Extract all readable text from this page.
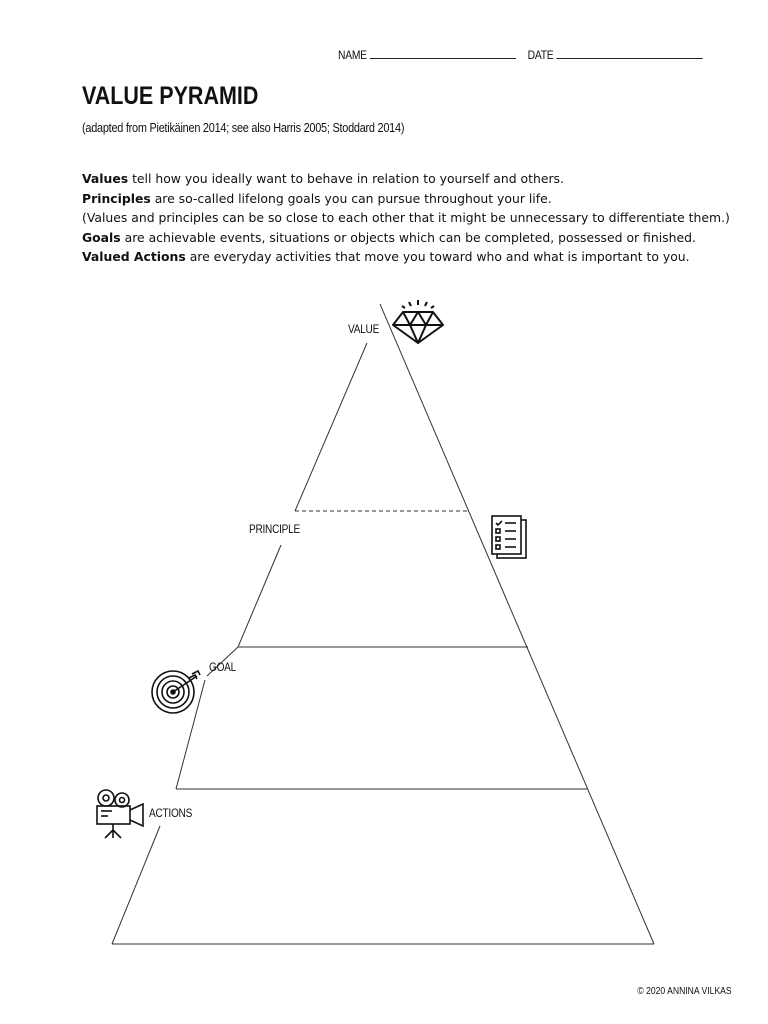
NAME	DATE
VALUE PYRAMID
(adapted from Pietikäinen 2014; see also Harris 2005; Stoddard 2014)

Values tell how you ideally want to behave in relation to yourself and others.

Principles are so-called lifelong goals you can pursue throughout your life.

(Values and principles can be so close to each other that it might be unnecessary to differentiate them.)

Goals are achievable events, situations or objects which can be completed, possessed or finished.

Valued Actions are everyday activities that move you toward who and what is important to you.

VALUE
PRINCIPLE
GOAL
ACTIONS
© 2020 ANNINA VILKAS
